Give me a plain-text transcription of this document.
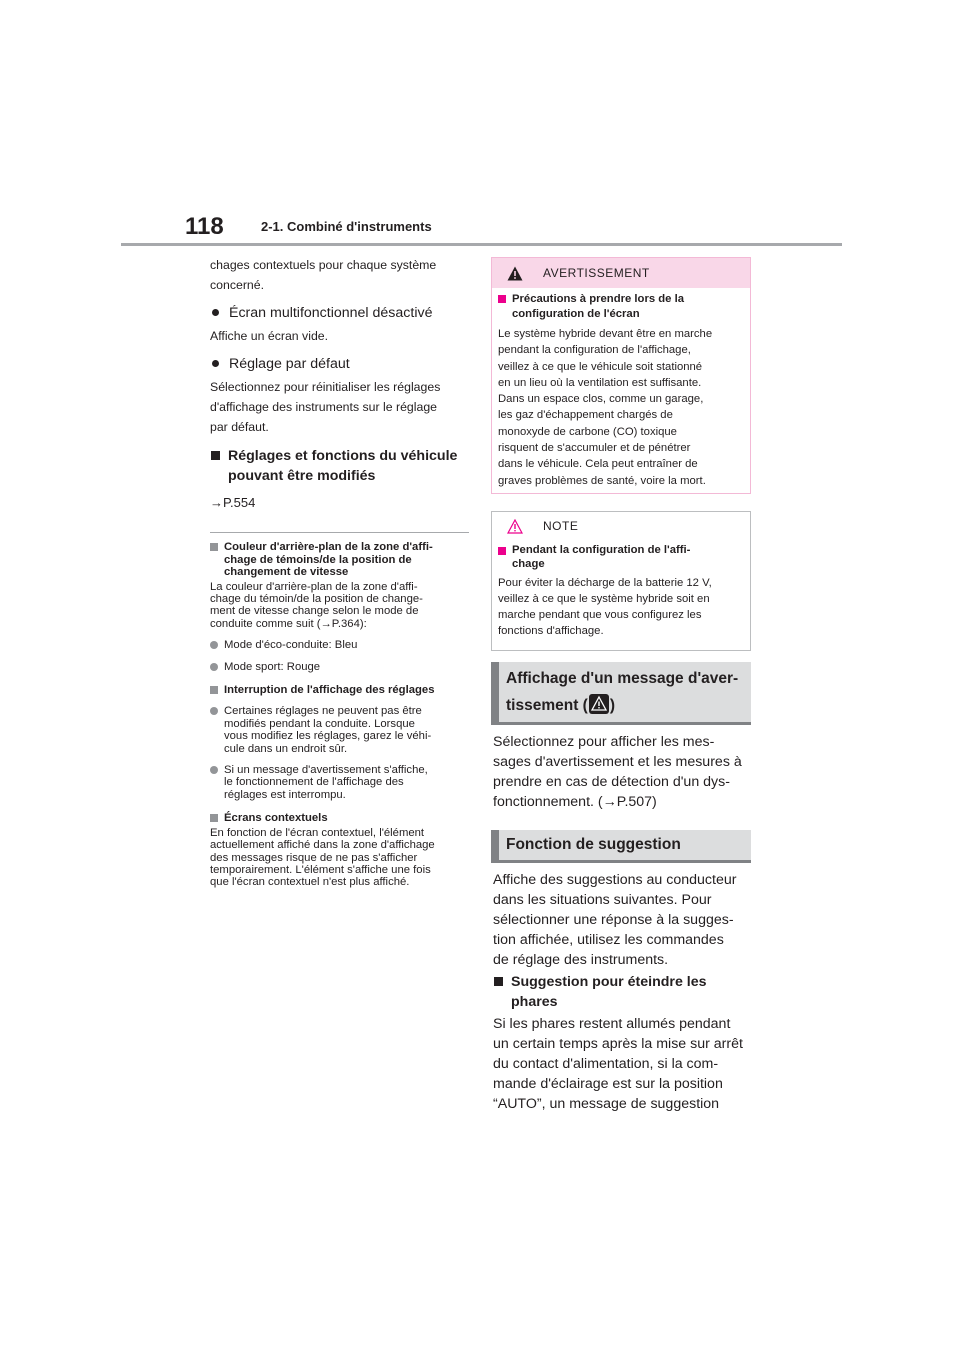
118	2-1. Combiné d'instruments
chages contextuels pour chaque système
concerné.
Écran multifonctionnel désactivé
Affiche un écran vide.
Réglage par défaut
Sélectionnez pour réinitialiser les réglages
d'affichage des instruments sur le réglage
par défaut.
Réglages et fonctions du véhicule
pouvant être modifiés
→P.554
Couleur d'arrière-plan de la zone d'affi-
chage de témoins/de la position de
changement de vitesse
La couleur d'arrière-plan de la zone d'affi-
chage du témoin/de la position de change-
ment de vitesse change selon le mode de
conduite comme suit (→P.364):
Mode d'éco-conduite: Bleu
Mode sport: Rouge
Interruption de l'affichage des réglages
Certaines réglages ne peuvent pas être
modifiés pendant la conduite. Lorsque
vous modifiez les réglages, garez le véhi-
cule dans un endroit sûr.
Si un message d'avertissement s'affiche,
le fonctionnement de l'affichage des
réglages est interrompu.
Écrans contextuels
En fonction de l'écran contextuel, l'élément
actuellement affiché dans la zone d'affichage
des messages risque de ne pas s'afficher
temporairement. L'élément s'affiche une fois
que l'écran contextuel n'est plus affiché.
AVERTISSEMENT
Précautions à prendre lors de la
configuration de l'écran
Le système hybride devant être en marche
pendant la configuration de l'affichage,
veillez à ce que le véhicule soit stationné
en un lieu où la ventilation est suffisante.
Dans un espace clos, comme un garage,
les gaz d'échappement chargés de
monoxyde de carbone (CO) toxique
risquent de s'accumuler et de pénétrer
dans le véhicule. Cela peut entraîner de
graves problèmes de santé, voire la mort.
NOTE
Pendant la configuration de l'affi-
chage
Pour éviter la décharge de la batterie 12 V,
veillez à ce que le système hybride soit en
marche pendant que vous configurez les
fonctions d'affichage.
Affichage d'un message d'aver-
tissement ( )
Sélectionnez pour afficher les mes-
sages d'avertissement et les mesures à
prendre en cas de détection d'un dys-
fonctionnement. (→P.507)
Fonction de suggestion
Affiche des suggestions au conducteur
dans les situations suivantes. Pour
sélectionner une réponse à la sugges-
tion affichée, utilisez les commandes
de réglage des instruments.
Suggestion pour éteindre les
phares
Si les phares restent allumés pendant
un certain temps après la mise sur arrêt
du contact d'alimentation, si la com-
mande d'éclairage est sur la position
“AUTO”, un message de suggestion
